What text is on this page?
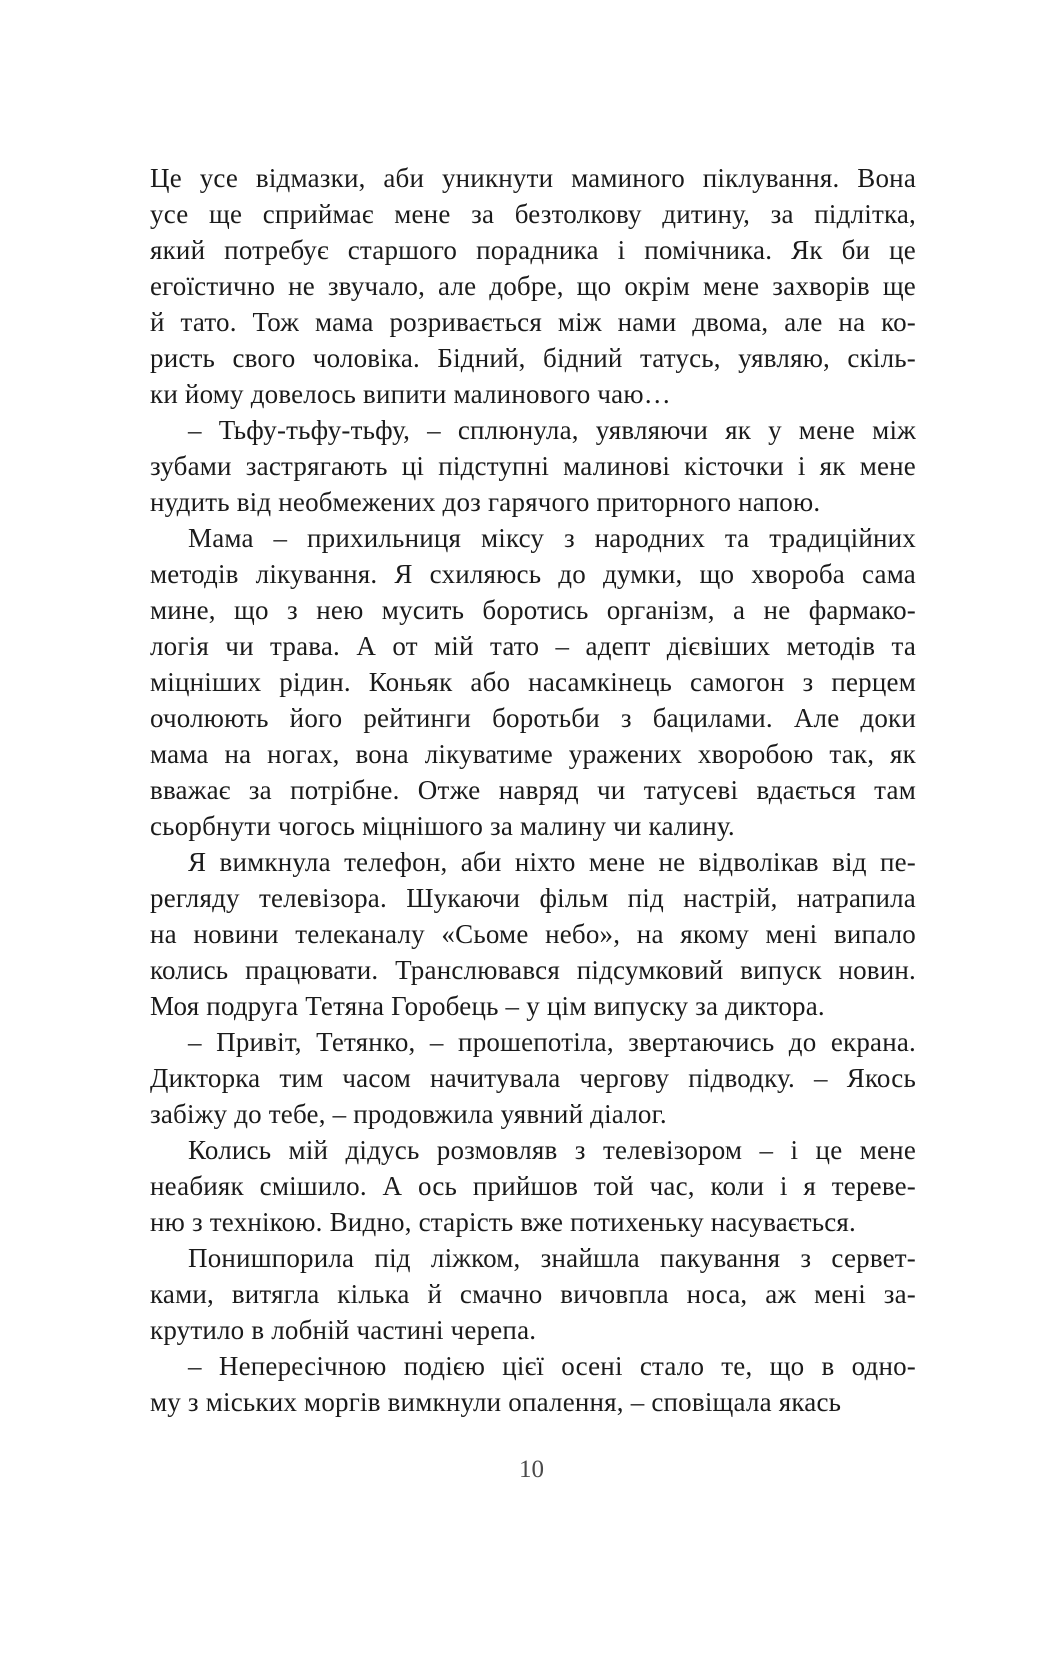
Це усе відмазки, аби уникнути маминого піклування. Вона
усе ще сприймає мене за безтолкову дитину, за підлітка,
який потребує старшого порадника і помічника. Як би це
егоїстично не звучало, але добре, що окрім мене захворів ще
й тато. Тож мама розривається між нами двома, але на ко-
ристь свого чоловіка. Бідний, бідний татусь, уявляю, скіль-
ки йому довелось випити малинового чаю…
– Тьфу-тьфу-тьфу, – сплюнула, уявляючи як у мене між
зубами застрягають ці підступні малинові кісточки і як мене
нудить від необмежених доз гарячого приторного напою.
Мама – прихильниця міксу з народних та традиційних
методів лікування. Я схиляюсь до думки, що хвороба сама
мине, що з нею мусить боротись організм, а не фармако-
логія чи трава. А от мій тато – адепт дієвіших методів та
міцніших рідин. Коньяк або насамкінець самогон з перцем
очолюють його рейтинги боротьби з бацилами. Але доки
мама на ногах, вона лікуватиме уражених хворобою так, як
вважає за потрібне. Отже навряд чи татусеві вдається там
сьорбнути чогось міцнішого за малину чи калину.
Я вимкнула телефон, аби ніхто мене не відволікав від пе-
регляду телевізора. Шукаючи фільм під настрій, натрапила
на новини телеканалу «Сьоме небо», на якому мені випало
колись працювати. Транслювався підсумковий випуск новин.
Моя подруга Тетяна Горобець – у цім випуску за диктора.
– Привіт, Тетянко, – прошепотіла, звертаючись до екрана.
Дикторка тим часом начитувала чергову підводку. – Якось
забіжу до тебе, – продовжила уявний діалог.
Колись мій дідусь розмовляв з телевізором – і це мене
неабияк смішило. А ось прийшов той час, коли і я тереве-
ню з технікою. Видно, старість вже потихеньку насувається.
Понишпорила під ліжком, знайшла пакування з сервет-
ками, витягла кілька й смачно вичовпла носа, аж мені за-
крутило в лобній частині черепа.
– Непересічною подією цієї осені стало те, що в одно-
му з міських моргів вимкнули опалення, – сповіщала якась
10
